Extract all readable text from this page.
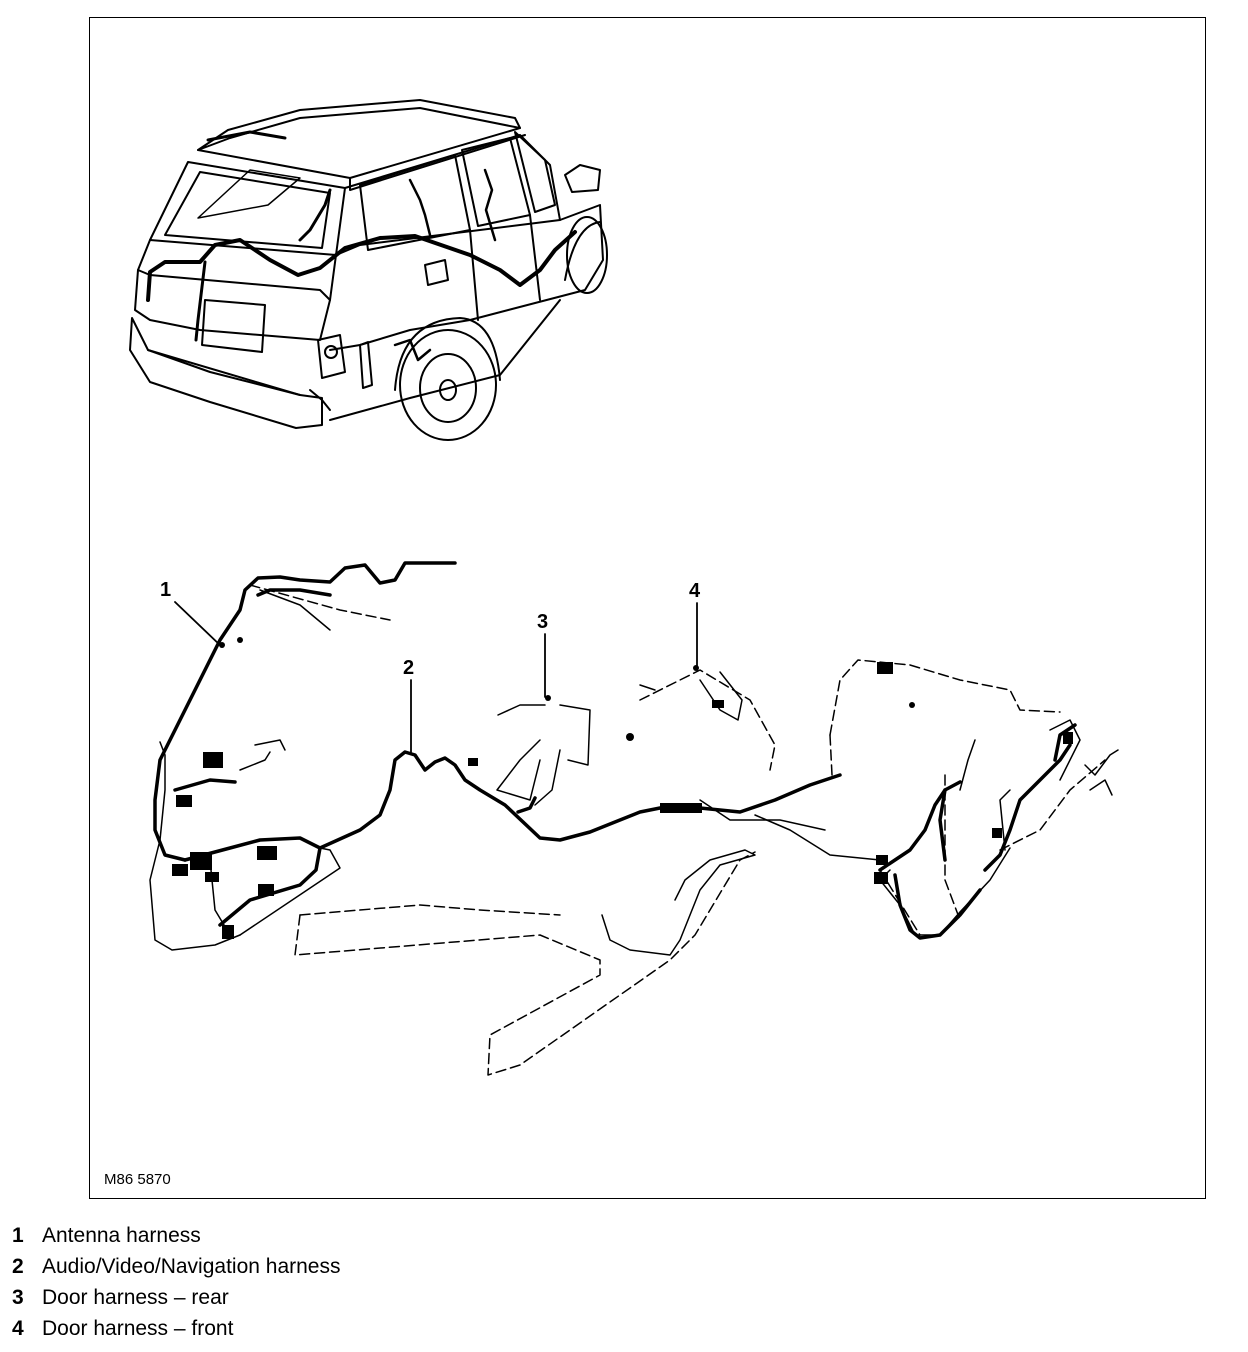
1
2
3
4
M86 5870
1 Antenna harness
2 Audio/Video/Navigation harness
3 Door harness – rear
4 Door harness – front
